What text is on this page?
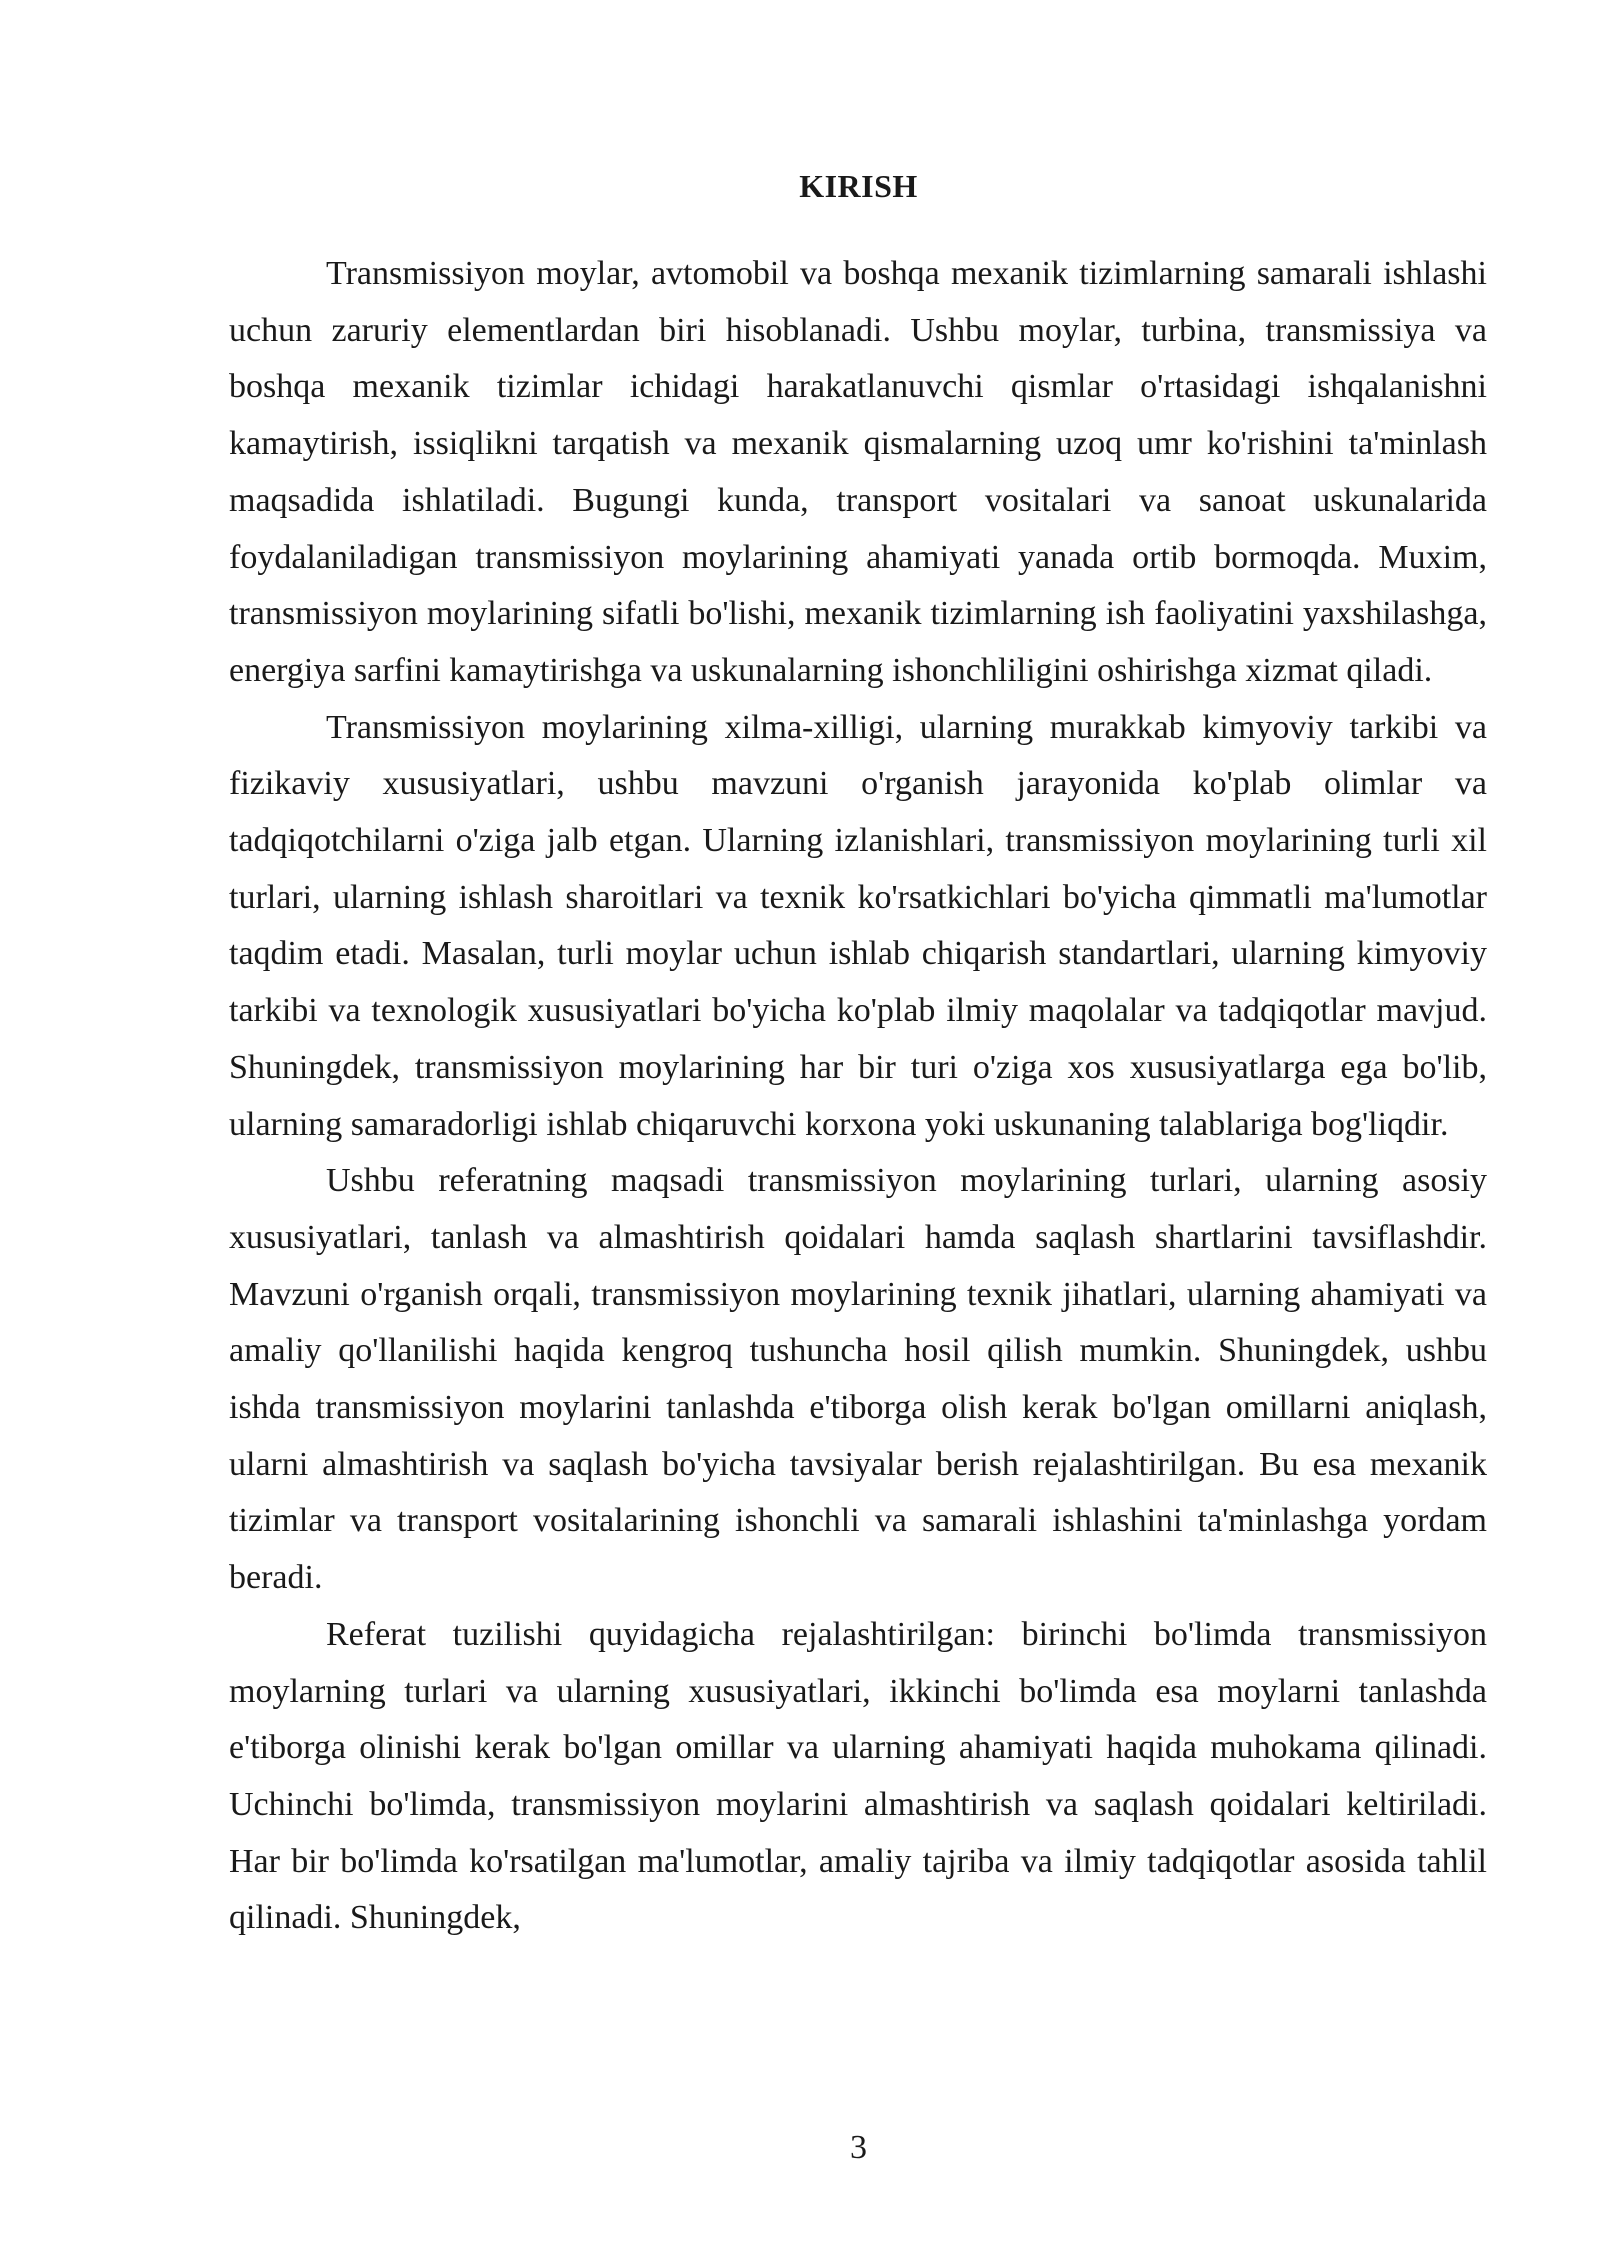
KIRISH

Transmissiyon moylar, avtomobil va boshqa mexanik tizimlarning samarali ishlashi uchun zaruriy elementlardan biri hisoblanadi. Ushbu moylar, turbina, transmissiya va boshqa mexanik tizimlar ichidagi harakatlanuvchi qismlar o'rtasidagi ishqalanishni kamaytirish, issiqlikni tarqatish va mexanik qismalarning uzoq umr ko'rishini ta'minlash maqsadida ishlatiladi. Bugungi kunda, transport vositalari va sanoat uskunalarida foydalaniladigan transmissiyon moylarining ahamiyati yanada ortib bormoqda. Muxim, transmissiyon moylarining sifatli bo'lishi, mexanik tizimlarning ish faoliyatini yaxshilashga, energiya sarfini kamaytirishga va uskunalarning ishonchliligini oshirishga xizmat qiladi.

Transmissiyon moylarining xilma-xilligi, ularning murakkab kimyoviy tarkibi va fizikaviy xususiyatlari, ushbu mavzuni o'rganish jarayonida ko'plab olimlar va tadqiqotchilarni o'ziga jalb etgan. Ularning izlanishlari, transmissiyon moylarining turli xil turlari, ularning ishlash sharoitlari va texnik ko'rsatkichlari bo'yicha qimmatli ma'lumotlar taqdim etadi. Masalan, turli moylar uchun ishlab chiqarish standartlari, ularning kimyoviy tarkibi va texnologik xususiyatlari bo'yicha ko'plab ilmiy maqolalar va tadqiqotlar mavjud. Shuningdek, transmissiyon moylarining har bir turi o'ziga xos xususiyatlarga ega bo'lib, ularning samaradorligi ishlab chiqaruvchi korxona yoki uskunaning talablariga bog'liqdir.

Ushbu referatning maqsadi transmissiyon moylarining turlari, ularning asosiy xususiyatlari, tanlash va almashtirish qoidalari hamda saqlash shartlarini tavsiflashdir. Mavzuni o'rganish orqali, transmissiyon moylarining texnik jihatlari, ularning ahamiyati va amaliy qo'llanilishi haqida kengroq tushuncha hosil qilish mumkin. Shuningdek, ushbu ishda transmissiyon moylarini tanlashda e'tiborga olish kerak bo'lgan omillarni aniqlash, ularni almashtirish va saqlash bo'yicha tavsiyalar berish rejalashtirilgan. Bu esa mexanik tizimlar va transport vositalarining ishonchli va samarali ishlashini ta'minlashga yordam beradi.

Referat tuzilishi quyidagicha rejalashtirilgan: birinchi bo'limda transmissiyon moylarning turlari va ularning xususiyatlari, ikkinchi bo'limda esa moylarni tanlashda e'tiborga olinishi kerak bo'lgan omillar va ularning ahamiyati haqida muhokama qilinadi. Uchinchi bo'limda, transmissiyon moylarini almashtirish va saqlash qoidalari keltiriladi. Har bir bo'limda ko'rsatilgan ma'lumotlar, amaliy tajriba va ilmiy tadqiqotlar asosida tahlil qilinadi. Shuningdek,

3
